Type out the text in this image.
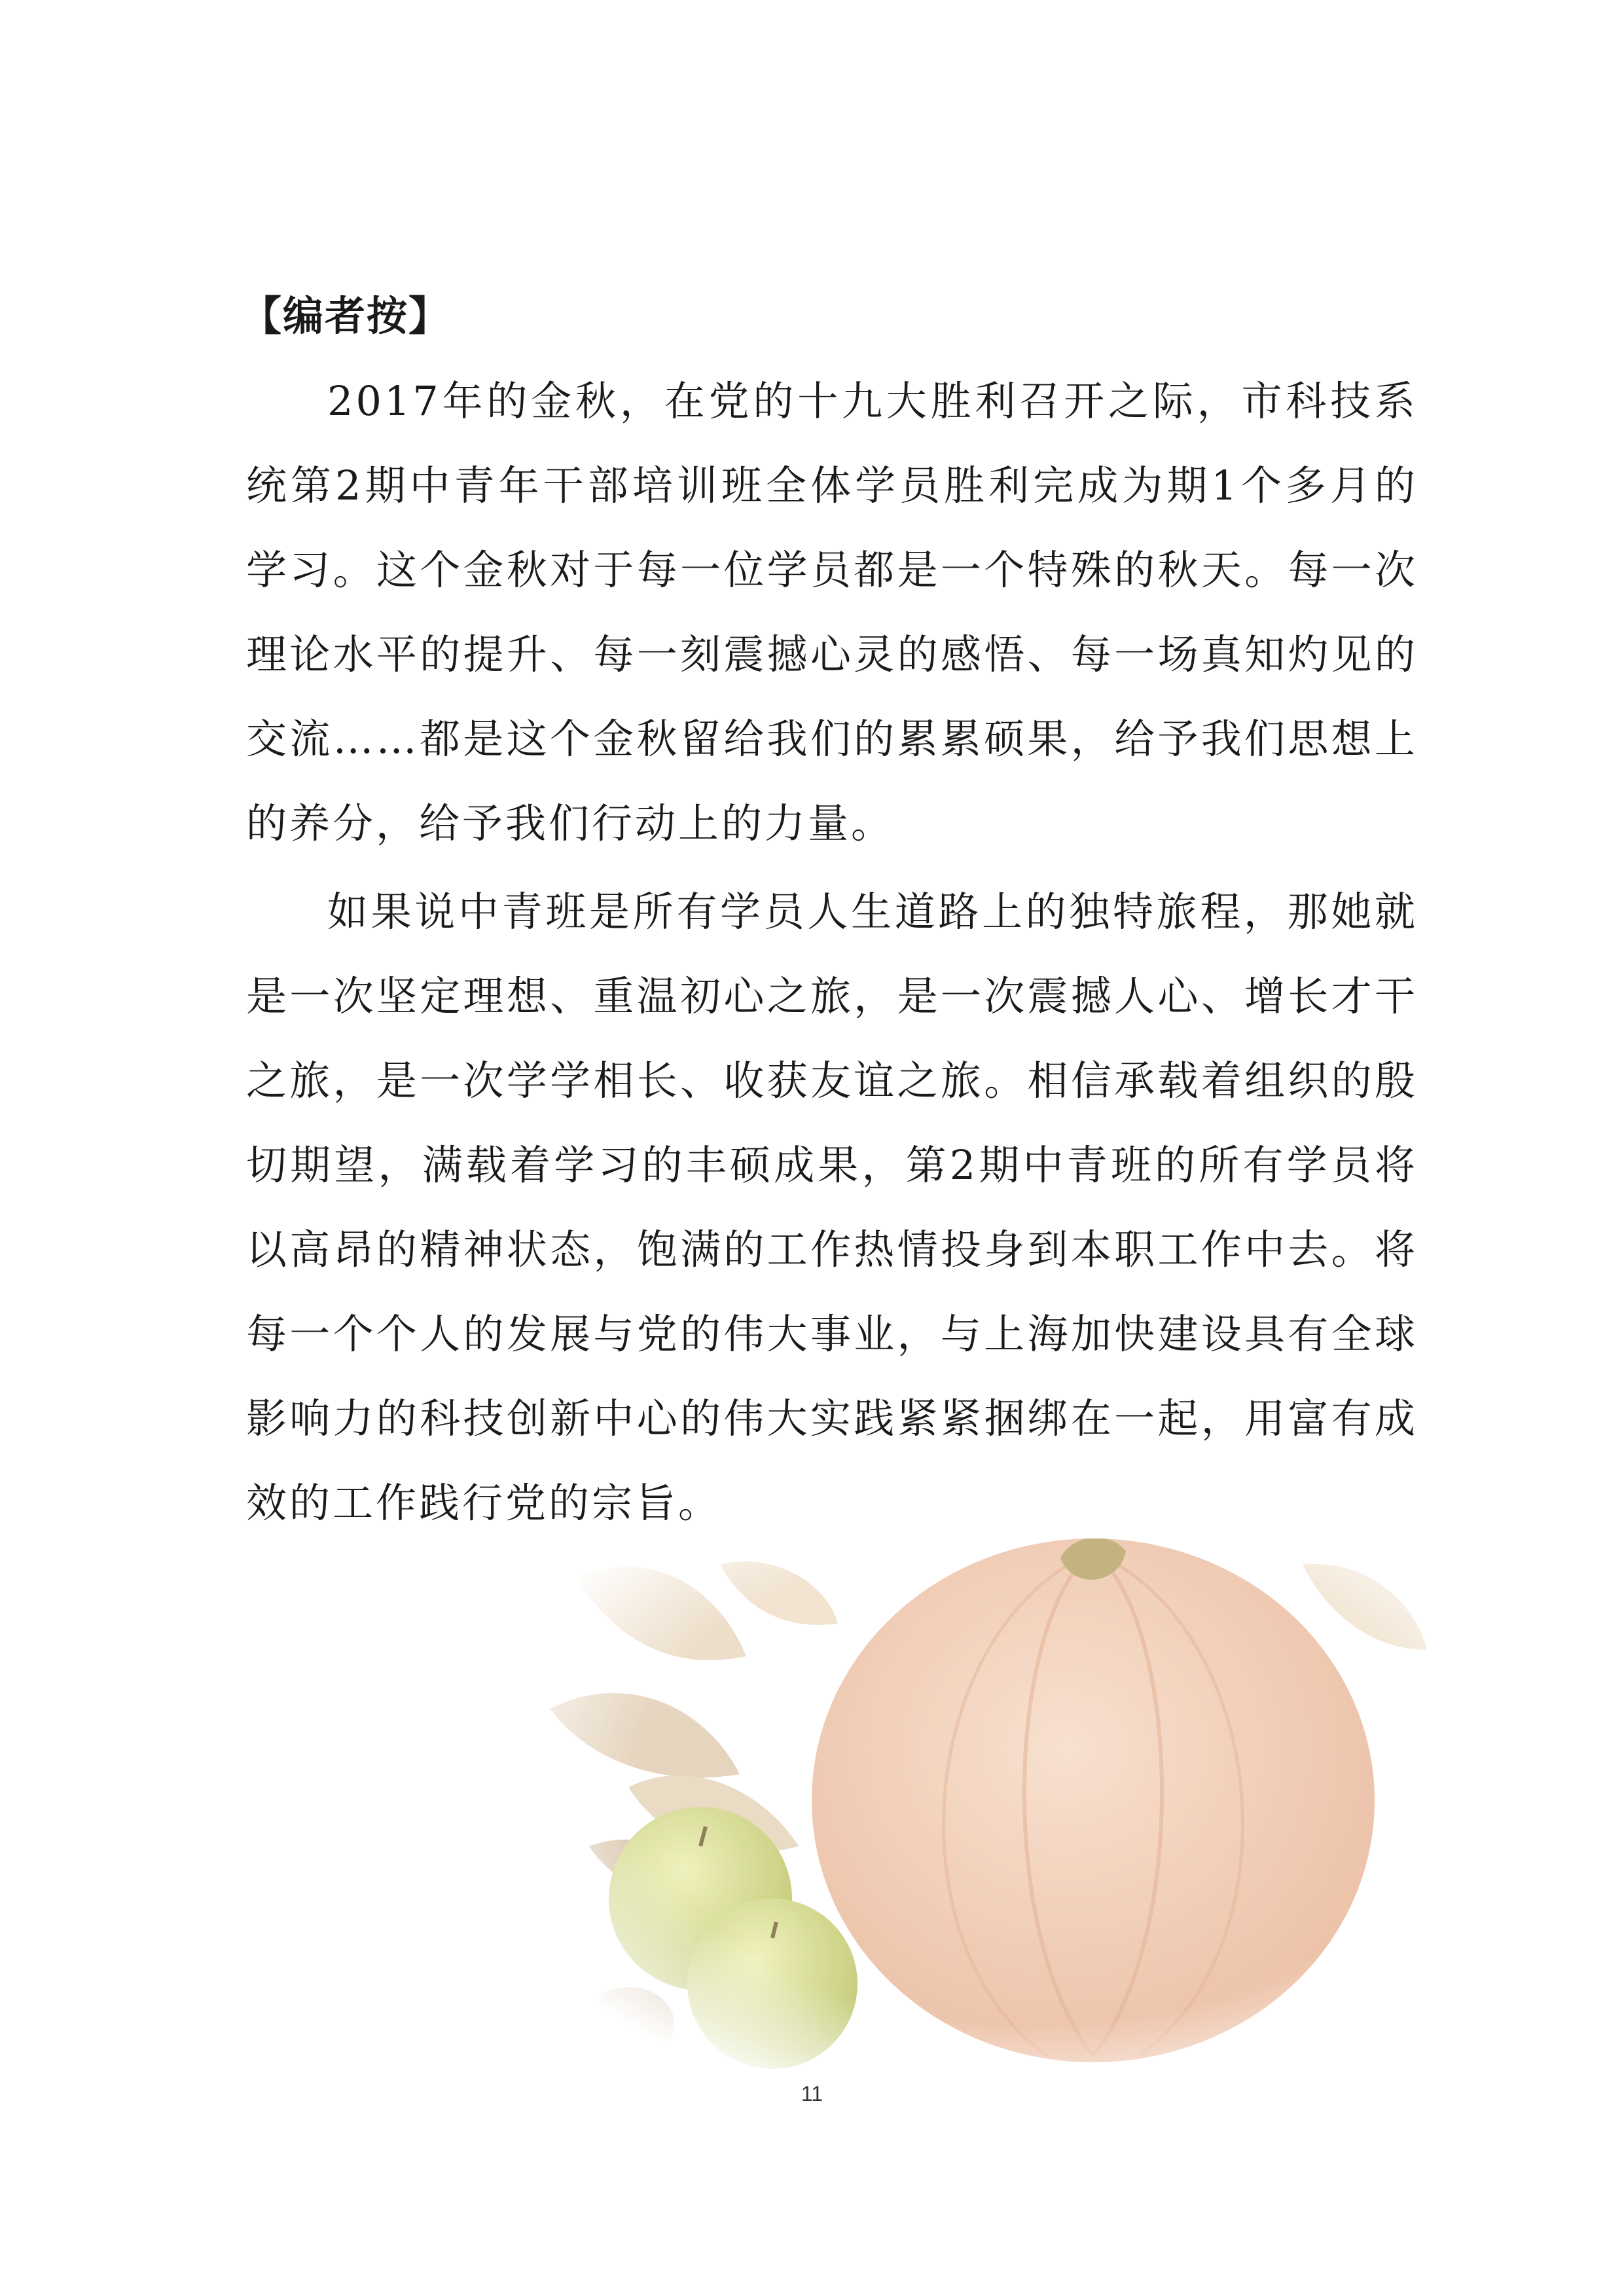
【编者按】

2017年的金秋，在党的十九大胜利召开之际，市科技系统第2期中青年干部培训班全体学员胜利完成为期1个多月的学习。这个金秋对于每一位学员都是一个特殊的秋天。每一次理论水平的提升、每一刻震撼心灵的感悟、每一场真知灼见的交流……都是这个金秋留给我们的累累硕果，给予我们思想上的养分，给予我们行动上的力量。

如果说中青班是所有学员人生道路上的独特旅程，那她就是一次坚定理想、重温初心之旅，是一次震撼人心、增长才干之旅，是一次学学相长、收获友谊之旅。相信承载着组织的殷切期望，满载着学习的丰硕成果，第2期中青班的所有学员将以高昂的精神状态，饱满的工作热情投身到本职工作中去。将每一个个人的发展与党的伟大事业，与上海加快建设具有全球影响力的科技创新中心的伟大实践紧紧捆绑在一起，用富有成效的工作践行党的宗旨。

11
